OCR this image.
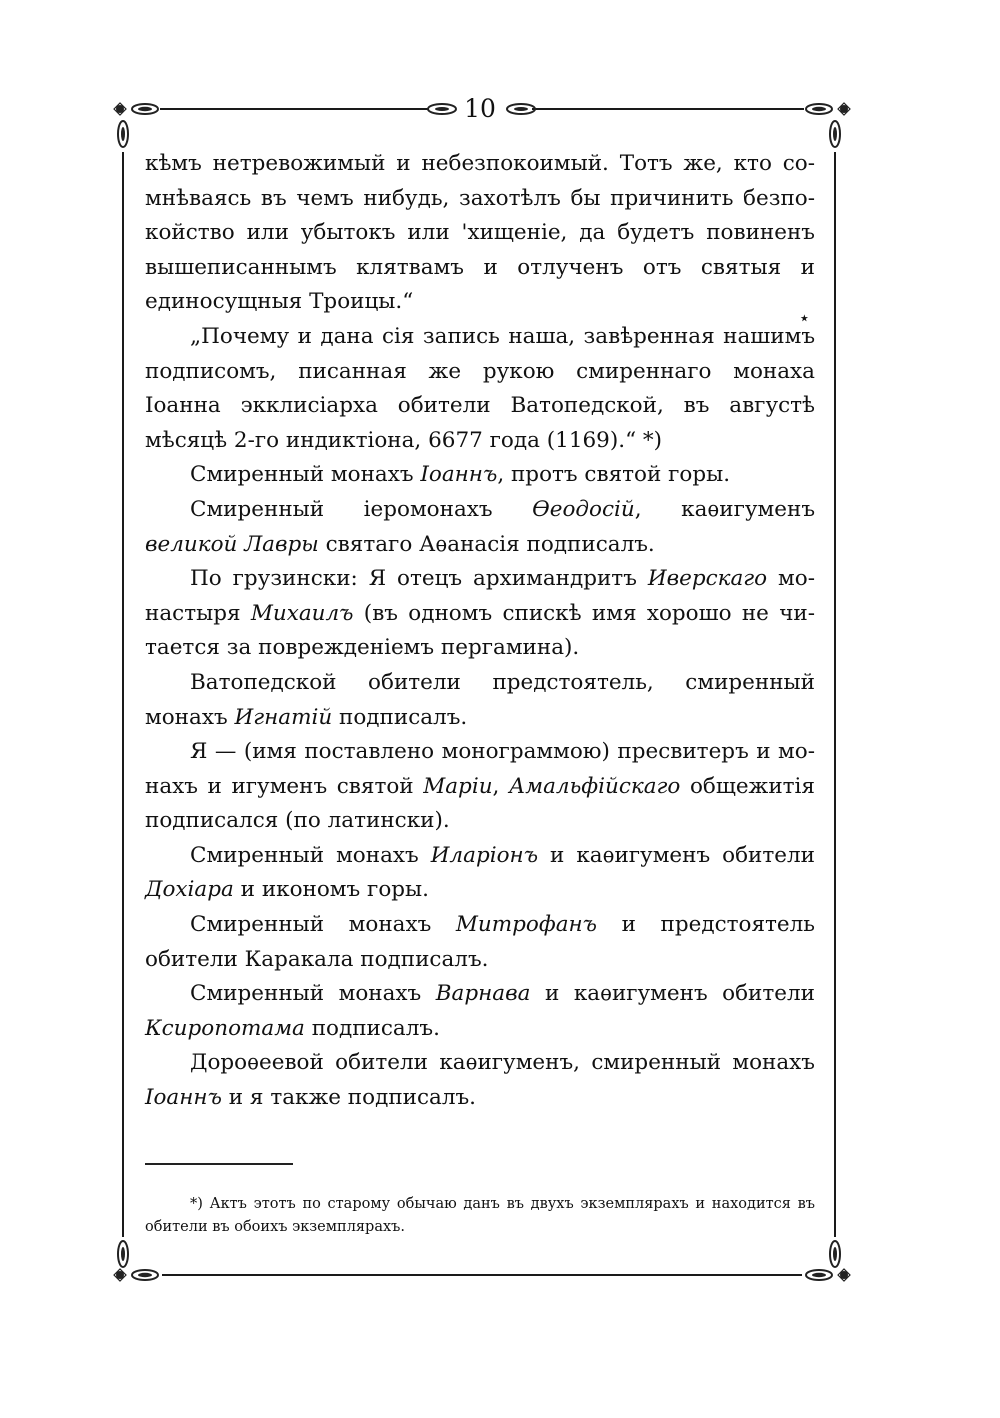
10

кѣмъ нетревожимый и небезпокоимый. Тотъ же, кто сомнѣваясь въ чемъ нибудь, захотѣлъ бы причинить безпокойство или убытокъ или 'хищеніе, да будетъ повиненъ вышеписаннымъ клятвамъ и отлученъ отъ святыя и единосущныя Троицы.“

„Почему и дана сія запись наша, завѣренная нашимъ подписомъ, писанная же рукою смиреннаго монаха Іоанна экклисіарха обители Ватопедской, въ августѣ мѣсяцѣ 2-го индиктіона, 6677 года (1169).“ *)

Смиренный монахъ Іоаннъ, протъ святой горы.

Смиренный іеромонахъ Ѳеодосій, каѳигуменъ великой Лавры святаго Аѳанасія подписалъ.

По грузински: Я отецъ архимандритъ Иверскаго монастыря Михаилъ (въ одномъ спискѣ имя хорошо не читается за поврежденіемъ пергамина).

Ватопедской обители предстоятель, смиренный монахъ Игнатій подписалъ.

Я — (имя поставлено монограммою) пресвитеръ и монахъ и игуменъ святой Маріи, Амальфійскаго общежитія подписался (по латински).

Смиренный монахъ Иларіонъ и каѳигуменъ обители Дохіара и икономъ горы.

Смиренный монахъ Митрофанъ и предстоятель обители Каракала подписалъ.

Смиренный монахъ Варнава и каѳигуменъ обители Ксиропотама подписалъ.

Дороѳеевой обители каѳигуменъ, смиренный монахъ Іоаннъ и я также подписалъ.

٭

*) Актъ этотъ по старому обычаю данъ въ двухъ экземплярахъ и находится въ обители въ обоихъ экземплярахъ.
